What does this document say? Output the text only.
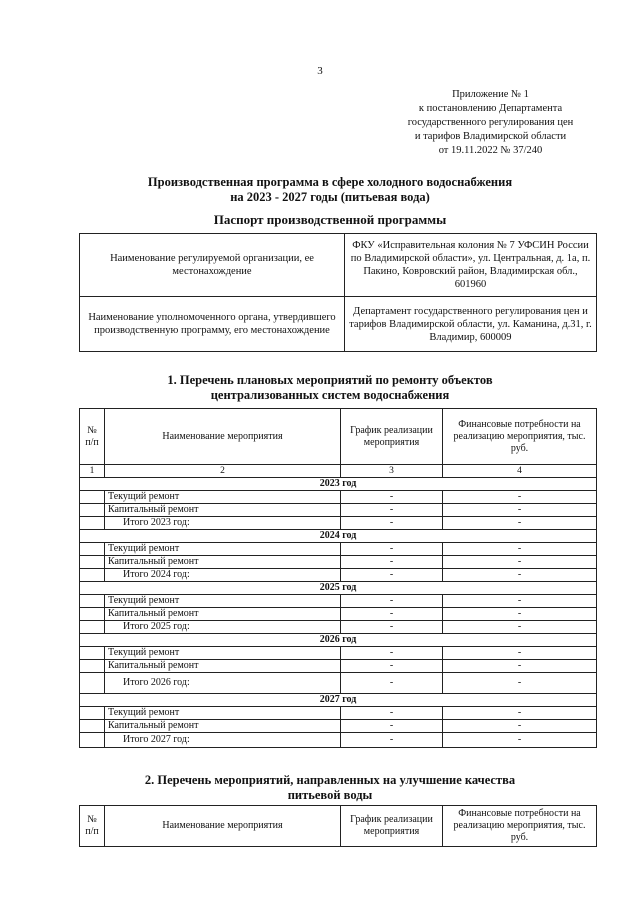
3
Приложение № 1
к постановлению Департамента
государственного регулирования цен
и тарифов Владимирской области
от 19.11.2022 № 37/240
Производственная программа в сфере холодного водоснабжения
на 2023 - 2027 годы (питьевая вода)
Паспорт производственной программы
Наименование регулируемой организации, ее местонахождение	ФКУ «Исправительная колония № 7 УФСИН России по Владимирской области», ул. Центральная, д. 1а, п. Пакино, Ковровский район, Владимирская обл., 601960
Наименование уполномоченного органа, утвердившего производственную программу, его местонахождение	Департамент государственного регулирования цен и тарифов Владимирской области, ул. Каманина, д.31, г. Владимир, 600009
1. Перечень плановых мероприятий по ремонту объектов
централизованных систем водоснабжения
№ п/п	Наименование мероприятия	График реализации мероприятия	Финансовые потребности на реализацию мероприятия, тыс. руб.
1	2	3	4
2023 год			
	Текущий ремонт	-	-
	Капитальный ремонт	-	-
	Итого 2023 год:	-	-
2024 год			
	Текущий ремонт	-	-
	Капитальный ремонт	-	-
	Итого 2024 год:	-	-
2025 год			
	Текущий ремонт	-	-
	Капитальный ремонт	-	-
	Итого 2025 год:	-	-
2026 год			
	Текущий ремонт	-	-
	Капитальный ремонт	-	-
	Итого 2026 год:	-	-
2027 год			
	Текущий ремонт	-	-
	Капитальный ремонт	-	-
	Итого 2027 год:	-	-
2. Перечень мероприятий, направленных на улучшение качества
питьевой воды
№ п/п	Наименование мероприятия	График реализации мероприятия	Финансовые потребности на реализацию мероприятия, тыс. руб.
